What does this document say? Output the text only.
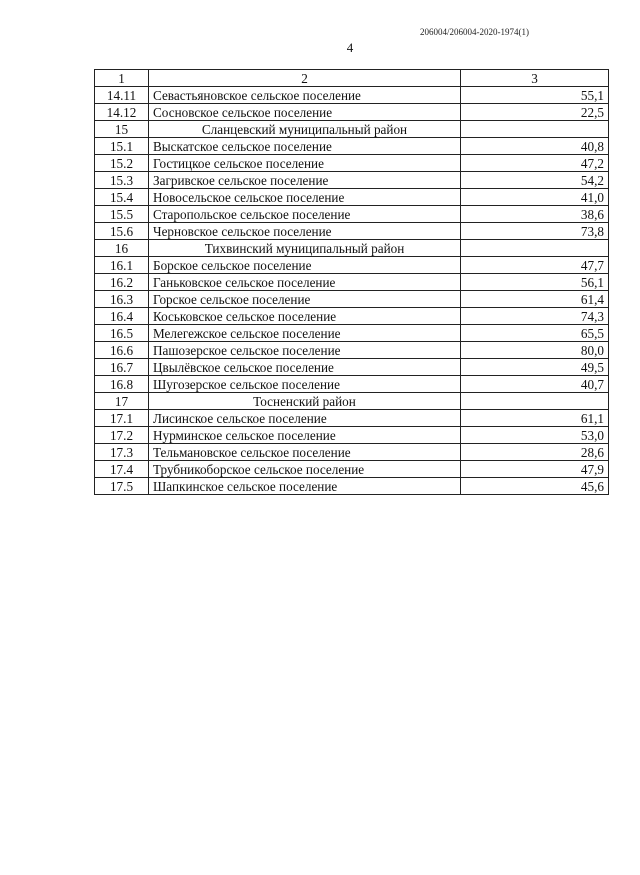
206004/206004-2020-1974(1)
4
1	2	3
14.11	Севастьяновское сельское поселение	55,1
14.12	Сосновское сельское поселение	22,5
15	Сланцевский муниципальный район	
15.1	Выскатское сельское поселение	40,8
15.2	Гостицкое сельское поселение	47,2
15.3	Загривское сельское поселение	54,2
15.4	Новосельское сельское поселение	41,0
15.5	Старопольское сельское поселение	38,6
15.6	Черновское сельское поселение	73,8
16	Тихвинский муниципальный район	
16.1	Борское сельское поселение	47,7
16.2	Ганьковское сельское поселение	56,1
16.3	Горское сельское поселение	61,4
16.4	Коськовское сельское поселение	74,3
16.5	Мелегежское сельское поселение	65,5
16.6	Пашозерское сельское поселение	80,0
16.7	Цвылёвское сельское поселение	49,5
16.8	Шугозерское сельское поселение	40,7
17	Тосненский район	
17.1	Лисинское сельское поселение	61,1
17.2	Нурминское сельское поселение	53,0
17.3	Тельмановское сельское поселение	28,6
17.4	Трубникоборское сельское поселение	47,9
17.5	Шапкинское сельское поселение	45,6
